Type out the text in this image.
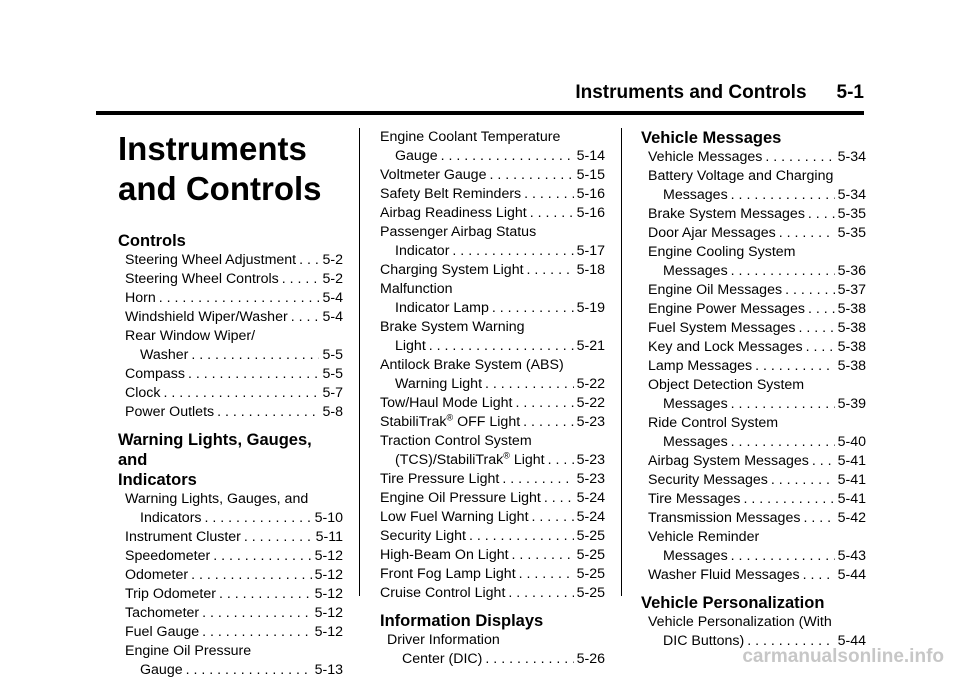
Instruments and Controls 5-1
Instruments and Controls
Controls
Steering Wheel Adjustment . . . 5-2
Steering Wheel Controls . . .	5-2
Horn . . .	5-4
Windshield Wiper/Washer . . . 5-4
Rear Window Wiper/
Washer . . .	5-5
Compass . . .	5-5
Clock . . .	5-7
Power Outlets . . .	5-8
Warning Lights, Gauges, and
Indicators
Warning Lights, Gauges, and
Indicators . . .	5-10
Instrument Cluster . . .	5-11
Speedometer . . .	5-12
Odometer . . .	5-12
Trip Odometer . . .	5-12
Tachometer . . .	5-12
Fuel Gauge . . .	5-12
Engine Oil Pressure
Gauge . . .	5-13
Engine Coolant Temperature
Gauge . . .	5-14
Voltmeter Gauge . . .	5-15
Safety Belt Reminders . . .	5-16
Airbag Readiness Light . . .	5-16
Passenger Airbag Status
Indicator . . .	5-17
Charging System Light . . .	5-18
Malfunction
Indicator Lamp . . .	5-19
Brake System Warning
Light . . .	5-21
Antilock Brake System (ABS)
Warning Light . . .	5-22
Tow/Haul Mode Light . . .	5-22
StabiliTrak® OFF Light . . .	5-23
Traction Control System
(TCS)/StabiliTrak® Light . . . 5-23
Tire Pressure Light . . .	5-23
Engine Oil Pressure Light . . .	5-24
Low Fuel Warning Light . . .	5-24
Security Light . . .	5-25
High-Beam On Light . . .	5-25
Front Fog Lamp Light . . .	5-25
Cruise Control Light . . .	5-25
Information Displays
Driver Information
Center (DIC) . . .	5-26
Vehicle Messages
Vehicle Messages . . .	5-34
Battery Voltage and Charging
Messages . . .	5-34
Brake System Messages . . . 5-35
Door Ajar Messages . . .	5-35
Engine Cooling System
Messages . . .	5-36
Engine Oil Messages . . .	5-37
Engine Power Messages . . . 5-38
Fuel System Messages . . .	5-38
Key and Lock Messages . . . 5-38
Lamp Messages . . .	5-38
Object Detection System
Messages . . .	5-39
Ride Control System
Messages . . .	5-40
Airbag System Messages . . . 5-41
Security Messages . . .	5-41
Tire Messages . . .	5-41
Transmission Messages . . .	5-42
Vehicle Reminder
Messages . . .	5-43
Washer Fluid Messages . . .	5-44
Vehicle Personalization
Vehicle Personalization (With
DIC Buttons) . . .	5-44
carmanualsonline.info
